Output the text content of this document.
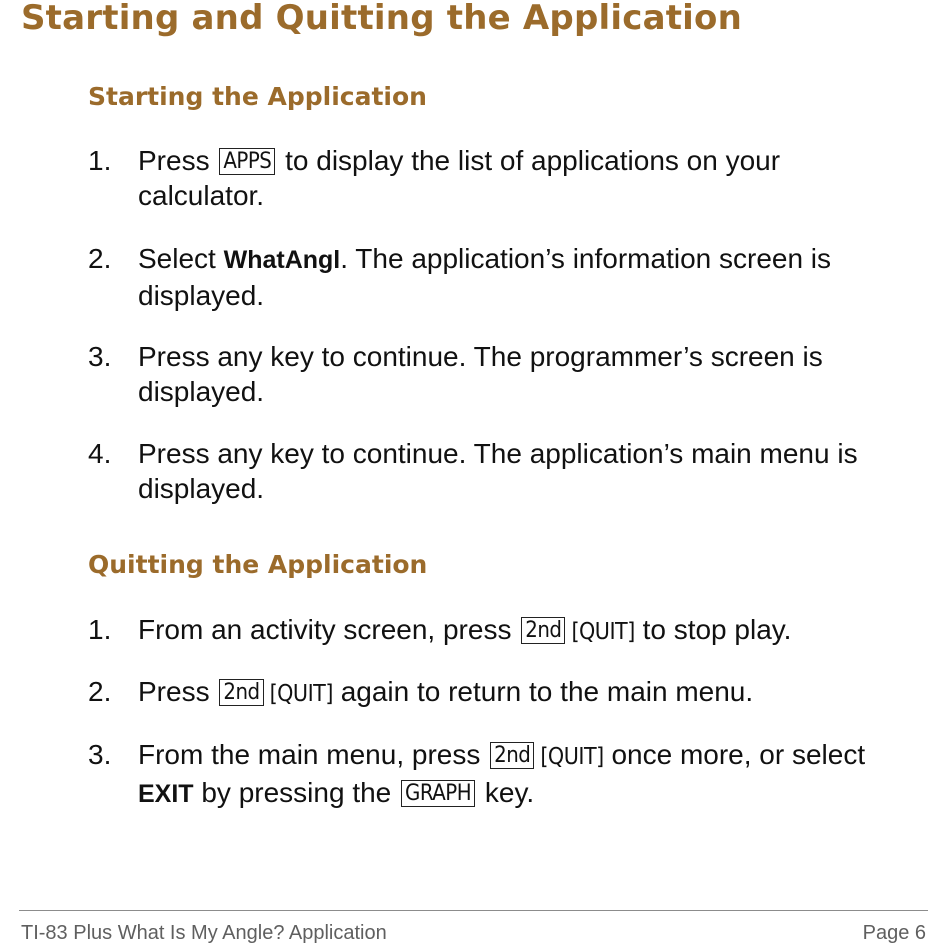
Starting and Quitting the Application
Starting the Application
1. Press APPS to display the list of applications on your calculator.
2. Select WhatAngl. The application’s information screen is displayed.
3. Press any key to continue. The programmer’s screen is displayed.
4. Press any key to continue. The application’s main menu is displayed.
Quitting the Application
1. From an activity screen, press 2nd [QUIT] to stop play.
2. Press 2nd [QUIT] again to return to the main menu.
3. From the main menu, press 2nd [QUIT] once more, or select EXIT by pressing the GRAPH key.
TI-83 Plus What Is My Angle? Application	Page 6
